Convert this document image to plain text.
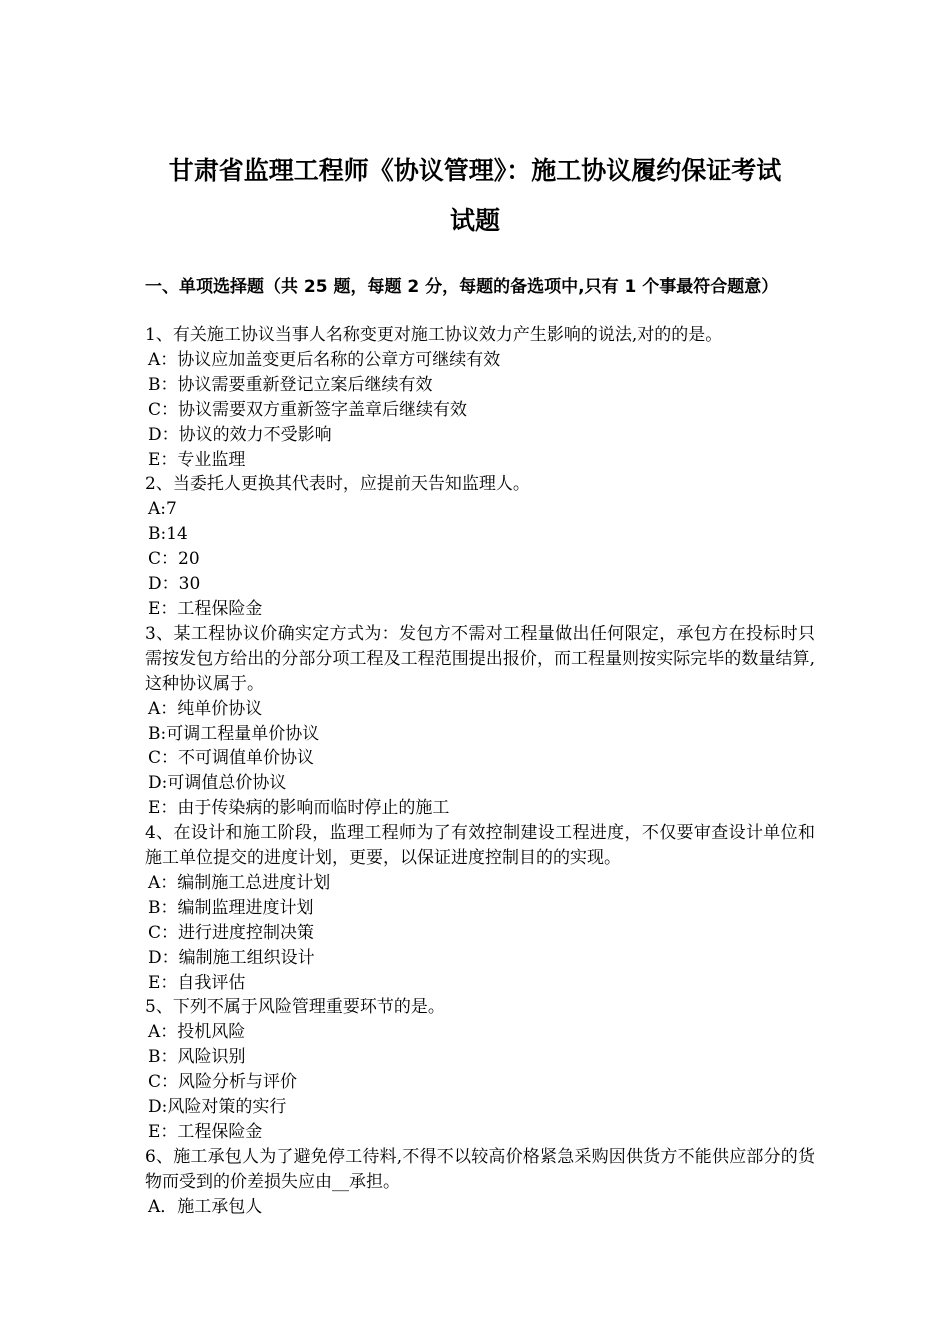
甘肃省监理工程师《协议管理》：施工协议履约保证考试
试题
一、单项选择题（共 25 题，每题 2 分，每题的备选项中,只有 1 个事最符合题意）

1、有关施工协议当事人名称变更对施工协议效力产生影响的说法,对的的是。

A：协议应加盖变更后名称的公章方可继续有效
B：协议需要重新登记立案后继续有效
C：协议需要双方重新签字盖章后继续有效
D：协议的效力不受影响
E：专业监理

2、当委托人更换其代表时，应提前天告知监理人。

A:7
B:14
C：20
D：30
E：工程保险金

3、某工程协议价确实定方式为：发包方不需对工程量做出任何限定，承包方在投标时只需按发包方给出的分部分项工程及工程范围提出报价，而工程量则按实际完毕的数量结算,这种协议属于。

A：纯单价协议
B:可调工程量单价协议
C：不可调值单价协议
D:可调值总价协议
E：由于传染病的影响而临时停止的施工

4、在设计和施工阶段，监理工程师为了有效控制建设工程进度，不仅要审查设计单位和施工单位提交的进度计划，更要，以保证进度控制目的的实现。

A：编制施工总进度计划
B：编制监理进度计划
C：进行进度控制决策
D：编制施工组织设计
E：自我评估

5、下列不属于风险管理重要环节的是。

A：投机风险
B：风险识别
C：风险分析与评价
D:风险对策的实行
E：工程保险金

6、施工承包人为了避免停工待料,不得不以较高价格紧急采购因供货方不能供应部分的货物而受到的价差损失应由__承担。

A．施工承包人
